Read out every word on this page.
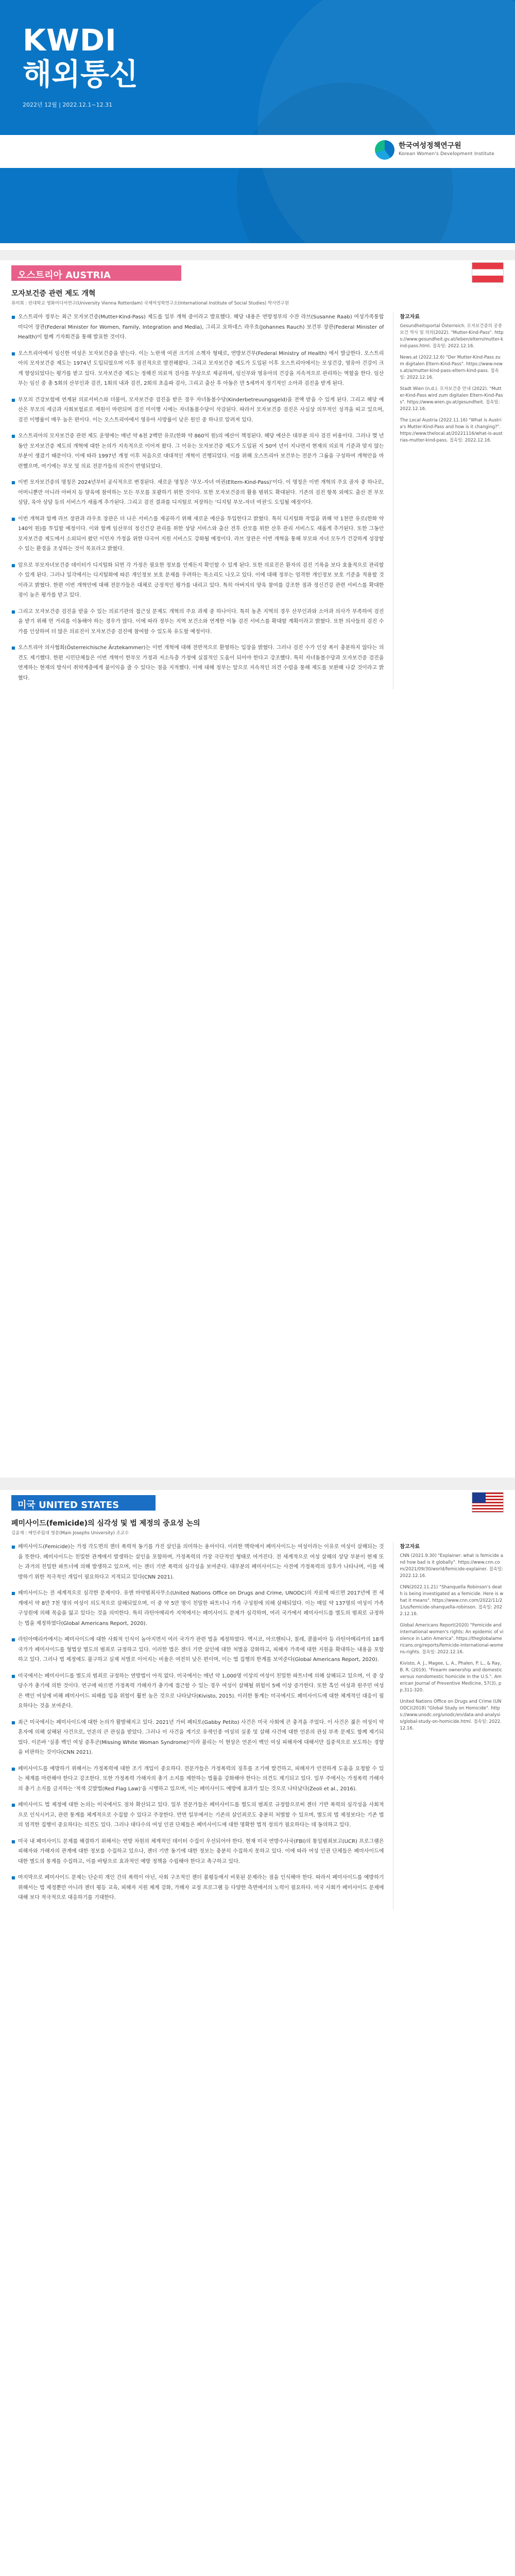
KWDI
해외통신
2022년 12월 | 2022.12.1~12.31
한국여성정책연구원
Korean Women's Development Institute
오스트리아 AUSTRIA
모자보건증 관련 제도 개혁
류미희 : 빈대학교 영화미디어연구(University Vienna Rotterdam) 국제여성학연구소(International Institute of Social Studies) 박사연구원

■ 오스트리아 정부는 최근 모자보건증(Mutter-Kind-Pass) 제도를 일부 개혁 중이라고 발표했다. 해당 내용은 연방정부의 수잔 라브(Susanne Raab) 여성가족통합미디어 장관(Federal Minister for Women, Family, Integration and Media), 그리고 요하네스 라우흐(Johannes Rauch) 보건부 장관(Federal Minister of Health)이 함께 기자회견을 통해 발표한 것이다.

■ 오스트리아에서 임신한 여성은 모자보건증을 받는다. 이는 노란색 여권 크기의 소책자 형태로, 연방보건부(Federal Ministry of Health) 에서 발급한다. 오스트리아의 모자보건증 제도는 1974년 도입되었으며 이후 점진적으로 발전해왔다. 그리고 모자보건증 제도가 도입된 이후 오스트리아에서는 모성건강, 영유아 건강이 크게 향상되었다는 평가를 받고 있다. 모자보건증 제도는 정해진 의료적 검사를 무상으로 제공하며, 임신부와 영유아의 건강을 지속적으로 관리하는 역할을 한다. 임산부는 임신 중 총 5회의 산부인과 검진, 1회의 내과 검진, 2회의 초음파 검사, 그리고 출산 후 아동은 만 5세까지 정기적인 소아과 검진을 받게 된다.

■ 부모의 건강보험에 연계된 의료서비스와 더불어, 모자보건증 검진을 받은 경우 자녀돌봄수당(Kinderbetreuungsgeld)을 전액 받을 수 있게 된다. 그리고 해당 예산은 부모의 세금과 사회보험료로 재원이 마련되며 검진 미이행 시에는 자녀돌봄수당이 삭감된다. 따라서 모자보건증 검진은 사실상 의무적인 성격을 띠고 있으며, 검진 이행률이 매우 높은 편이다. 이는 오스트리아에서 영유아 사망률이 낮은 원인 중 하나로 알려져 있다.

■ 오스트리아의 모자보건증 관련 제도 운영에는 매년 약 6천 2백만 유로(한화 약 860억 원)의 예산이 책정된다. 해당 예산은 대부분 의사 검진 비용이다. 그러나 몇 년 동안 모자보건증 제도의 개혁에 대한 논의가 지속적으로 이어져 왔다. 그 이유는 모자보건증 제도가 도입된 지 50여 년이 지나면서 현재의 의료적 기준과 맞지 않는 부분이 생겼기 때문이다. 이에 따라 1997년 개정 이후 처음으로 대대적인 개혁이 진행되었다. 이를 위해 오스트리아 보건부는 전문가 그룹을 구성하여 개혁안을 마련했으며, 여기에는 부모 및 의료 전문가들의 의견이 반영되었다.

■ 이번 모자보건증의 명칭은 2024년부터 공식적으로 변경된다. 새로운 명칭은 '부모-자녀 여권(Eltern-Kind-Pass)'이다. 이 명칭은 이번 개혁의 주요 골자 중 하나로, 어머니뿐만 아니라 아버지 등 양육에 참여하는 모든 부모를 포괄하기 위한 것이다. 또한 모자보건증의 활용 범위도 확대된다. 기존의 검진 항목 외에도 출산 전 부모 상담, 육아 상담 등의 서비스가 새롭게 추가된다. 그리고 검진 결과를 디지털로 저장하는 '디지털 부모-자녀 여권'도 도입될 예정이다.

■ 이번 개혁과 함께 라브 장관과 라우흐 장관은 더 나은 서비스를 제공하기 위해 새로운 예산을 투입한다고 밝혔다. 특히 디지털화 작업을 위해 약 1천만 유로(한화 약 140억 원)를 투입할 예정이다. 이와 함께 임산부의 정신건강 관리를 위한 상담 서비스와 출산 전후 산모를 위한 산후 관리 서비스도 새롭게 추가된다. 또한 그동안 모자보건증 제도에서 소외되어 왔던 이민자 가정을 위한 다국어 지원 서비스도 강화될 예정이다. 라브 장관은 이번 개혁을 통해 부모와 자녀 모두가 건강하게 성장할 수 있는 환경을 조성하는 것이 목표라고 밝혔다.

■ 앞으로 부모자녀보건증 데이터가 디지털화 되면 각 가정은 필요한 정보를 언제든지 확인할 수 있게 된다. 또한 의료진은 환자의 검진 기록을 보다 효율적으로 관리할 수 있게 된다. 그러나 일각에서는 디지털화에 따른 개인정보 보호 문제를 우려하는 목소리도 나오고 있다. 이에 대해 정부는 엄격한 개인정보 보호 기준을 적용할 것이라고 밝혔다. 한편 이번 개혁안에 대해 전문가들은 대체로 긍정적인 평가를 내리고 있다. 특히 아버지의 양육 참여를 강조한 점과 정신건강 관련 서비스를 확대한 점이 높은 평가를 받고 있다.

■ 그리고 모자보건증 검진을 받을 수 있는 의료기관의 접근성 문제도 개혁의 주요 과제 중 하나이다. 특히 농촌 지역의 경우 산부인과와 소아과 의사가 부족하여 검진을 받기 위해 먼 거리를 이동해야 하는 경우가 많다. 이에 따라 정부는 지역 보건소와 연계한 이동 검진 서비스를 확대할 계획이라고 밝혔다. 또한 의사들의 검진 수가를 인상하여 더 많은 의료진이 모자보건증 검진에 참여할 수 있도록 유도할 예정이다.

■ 오스트리아 의사협회(Österreichische Ärztekammer)는 이번 개혁에 대해 전반적으로 환영하는 입장을 밝혔다. 그러나 검진 수가 인상 폭이 충분하지 않다는 의견도 제기했다. 한편 시민단체들은 이번 개혁이 한부모 가정과 저소득층 가정에 실질적인 도움이 되어야 한다고 강조했다. 특히 자녀돌봄수당과 모자보건증 검진을 연계하는 현재의 방식이 취약계층에게 불이익을 줄 수 있다는 점을 지적했다. 이에 대해 정부는 앞으로 지속적인 의견 수렴을 통해 제도를 보완해 나갈 것이라고 밝혔다.

참고자료
Gesundheitsportal Österreich. 모자보건증의 공중보건 역사 및 의의(2022). "Mutter-Kind-Pass". https://www.gesundheit.gv.at/leben/eltern/mutter-kind-pass.html. 접속일: 2022.12.16.
News.at (2022.12.6) "Der Mutter-Kind-Pass zum digitalen Eltern-Kind-Pass". https://www.news.at/a/mutter-kind-pass-eltern-kind-pass. 접속일: 2022.12.16.
Stadt Wien (n.d.). 모자보건증 안내 (2022). "Mutter-Kind-Pass wird zum digitalen Eltern-Kind-Pass". https://www.wien.gv.at/gesundheit. 접속일: 2022.12.16.
The Local Austria (2022.11.16) "What is Austria's Mutter-Kind-Pass and how is it changing?". https://www.thelocal.at/20221116/what-is-austrias-mutter-kind-pass. 접속일: 2022.12.16.
미국 UNITED STATES
페미사이드(femicide)의 심각성 및 법 제정의 중요성 논의
김윤재 : 메인주립대 영문(Main Josephs University) 조교수

■ 페미사이드(Femicide)는 가정 각도면의 젠더 폭력적 동기를 가진 살인을 의미하는 용어이다. 이러한 맥락에서 페미사이드는 여성이라는 이유로 여성이 살해되는 것을 뜻한다. 페미사이드는 친밀한 관계에서 발생하는 살인을 포함하며, 가정폭력의 가장 극단적인 형태로 여겨진다. 전 세계적으로 여성 살해의 상당 부분이 현재 또는 과거의 친밀한 파트너에 의해 발생하고 있으며, 이는 젠더 기반 폭력의 심각성을 보여준다. 대부분의 페미사이드는 사전에 가정폭력의 징후가 나타나며, 이를 예방하기 위한 적극적인 개입이 필요하다고 지적되고 있다(CNN 2021).

■ 페미사이드는 전 세계적으로 심각한 문제이다. 유엔 마약범죄사무소(United Nations Office on Drugs and Crime, UNODC)의 자료에 따르면 2017년에 전 세계에서 약 8만 7천 명의 여성이 의도적으로 살해되었으며, 이 중 약 5만 명이 친밀한 파트너나 가족 구성원에 의해 살해되었다. 이는 매일 약 137명의 여성이 가족 구성원에 의해 목숨을 잃고 있다는 것을 의미한다. 특히 라틴아메리카 지역에서는 페미사이드 문제가 심각하며, 여러 국가에서 페미사이드를 별도의 범죄로 규정하는 법을 제정하였다(Global Americans Report, 2020).

■ 라틴아메리카에서는 페미사이드에 대한 사회적 인식이 높아지면서 여러 국가가 관련 법을 제정하였다. 멕시코, 아르헨티나, 칠레, 콜롬비아 등 라틴아메리카의 18개 국가가 페미사이드를 형법상 별도의 범죄로 규정하고 있다. 이러한 법은 젠더 기반 살인에 대한 처벌을 강화하고, 피해자 가족에 대한 지원을 확대하는 내용을 포함하고 있다. 그러나 법 제정에도 불구하고 실제 처벌로 이어지는 비율은 여전히 낮은 편이며, 이는 법 집행의 한계를 보여준다(Global Americans Report, 2020).

■ 미국에서는 페미사이드를 별도의 범죄로 규정하는 연방법이 아직 없다. 미국에서는 매년 약 1,000명 이상의 여성이 친밀한 파트너에 의해 살해되고 있으며, 이 중 상당수가 총기에 의한 것이다. 연구에 따르면 가정폭력 가해자가 총기에 접근할 수 있는 경우 여성이 살해될 위험이 5배 이상 증가한다. 또한 흑인 여성과 원주민 여성은 백인 여성에 비해 페미사이드 피해를 입을 위험이 훨씬 높은 것으로 나타났다(Kivisto, 2015). 이러한 통계는 미국에서도 페미사이드에 대한 체계적인 대응이 필요하다는 것을 보여준다.

■ 최근 미국에서는 페미사이드에 대한 논의가 활발해지고 있다. 2021년 가비 페티토(Gabby Petito) 사건은 미국 사회에 큰 충격을 주었다. 이 사건은 젊은 여성이 약혼자에 의해 살해된 사건으로, 언론의 큰 관심을 받았다. 그러나 이 사건을 계기로 유색인종 여성의 실종 및 살해 사건에 대한 언론의 관심 부족 문제도 함께 제기되었다. 이른바 '실종 백인 여성 증후군(Missing White Woman Syndrome)'이라 불리는 이 현상은 언론이 백인 여성 피해자에 대해서만 집중적으로 보도하는 경향을 비판하는 것이다(CNN 2021).

■ 페미사이드를 예방하기 위해서는 가정폭력에 대한 조기 개입이 중요하다. 전문가들은 가정폭력의 징후를 조기에 발견하고, 피해자가 안전하게 도움을 요청할 수 있는 체계를 마련해야 한다고 강조한다. 또한 가정폭력 가해자의 총기 소지를 제한하는 법률을 강화해야 한다는 의견도 제기되고 있다. 일부 주에서는 가정폭력 가해자의 총기 소지를 금지하는 '적색 깃발법(Red Flag Law)'을 시행하고 있으며, 이는 페미사이드 예방에 효과가 있는 것으로 나타났다(Zeoli et al., 2016).

■ 페미사이드 법 제정에 대한 논의는 미국에서도 점차 확산되고 있다. 일부 전문가들은 페미사이드를 별도의 범죄로 규정함으로써 젠더 기반 폭력의 심각성을 사회적으로 인식시키고, 관련 통계를 체계적으로 수집할 수 있다고 주장한다. 반면 일부에서는 기존의 살인죄로도 충분히 처벌할 수 있으며, 별도의 법 제정보다는 기존 법의 엄격한 집행이 중요하다는 의견도 있다. 그러나 대다수의 여성 인권 단체들은 페미사이드에 대한 명확한 법적 정의가 필요하다는 데 동의하고 있다.

■ 미국 내 페미사이드 문제를 해결하기 위해서는 연방 차원의 체계적인 데이터 수집이 우선되어야 한다. 현재 미국 연방수사국(FBI)의 통일범죄보고(UCR) 프로그램은 피해자와 가해자의 관계에 대한 정보를 수집하고 있으나, 젠더 기반 동기에 대한 정보는 충분히 수집하지 못하고 있다. 이에 따라 여성 인권 단체들은 페미사이드에 대한 별도의 통계를 수집하고, 이를 바탕으로 효과적인 예방 정책을 수립해야 한다고 촉구하고 있다.

■ 마지막으로 페미사이드 문제는 단순히 개인 간의 폭력이 아닌, 사회 구조적인 젠더 불평등에서 비롯된 문제라는 점을 인식해야 한다. 따라서 페미사이드를 예방하기 위해서는 법 제정뿐만 아니라 젠더 평등 교육, 피해자 지원 체계 강화, 가해자 교정 프로그램 등 다양한 측면에서의 노력이 필요하다. 미국 사회가 페미사이드 문제에 대해 보다 적극적으로 대응하기를 기대한다.

참고자료
CNN (2021.9.30) "Explainer: what is femicide and how bad is it globally". https://www.cnn.com/2021/09/30/world/femicide-explainer. 접속일: 2022.12.16.
CNN(2022.11.21) "Shanquella Robinson's death is being investigated as a femicide. Here is what it means". https://www.cnn.com/2022/11/21/us/femicide-shanquella-robinson. 접속일: 2022.12.16.
Global Americans Report(2020) "Femicide and international women's rights: An epidemic of violence in Latin America". https://theglobalamericans.org/reports/femicide-international-womens-rights. 접속일: 2022.12.16.
Kivisto, A. J., Magee, L. A., Phalen, P. L., & Ray, B. R. (2019). "Firearm ownership and domestic versus nondomestic homicide in the U.S.". American Journal of Preventive Medicine, 57(3), pp.311-320.
United Nations Office on Drugs and Crime (UNODC)(2018) "Global Study on Homicide". https://www.unodc.org/unodc/en/data-and-analysis/global-study-on-homicide.html. 접속일: 2022.12.16.
